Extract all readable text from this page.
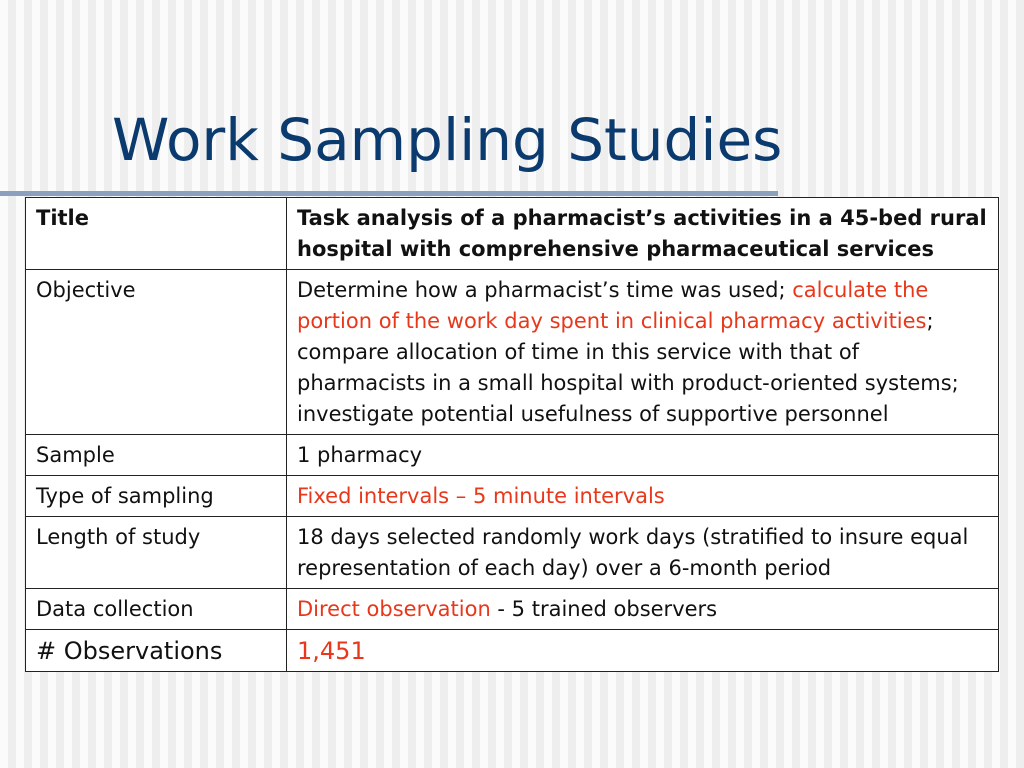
Work Sampling Studies
Title	Task analysis of a pharmacist’s activities in a 45-bed rural hospital with comprehensive pharmaceutical services
Objective	Determine how a pharmacist’s time was used; calculate the portion of the work day spent in clinical pharmacy activities; compare allocation of time in this service with that of pharmacists in a small hospital with product-oriented systems; investigate potential usefulness of supportive personnel
Sample	1 pharmacy
Type of sampling	Fixed intervals – 5 minute intervals
Length of study	18 days selected randomly work days (stratified to insure equal representation of each day) over a 6-month period
Data collection	Direct observation - 5 trained observers
# Observations	1,451
